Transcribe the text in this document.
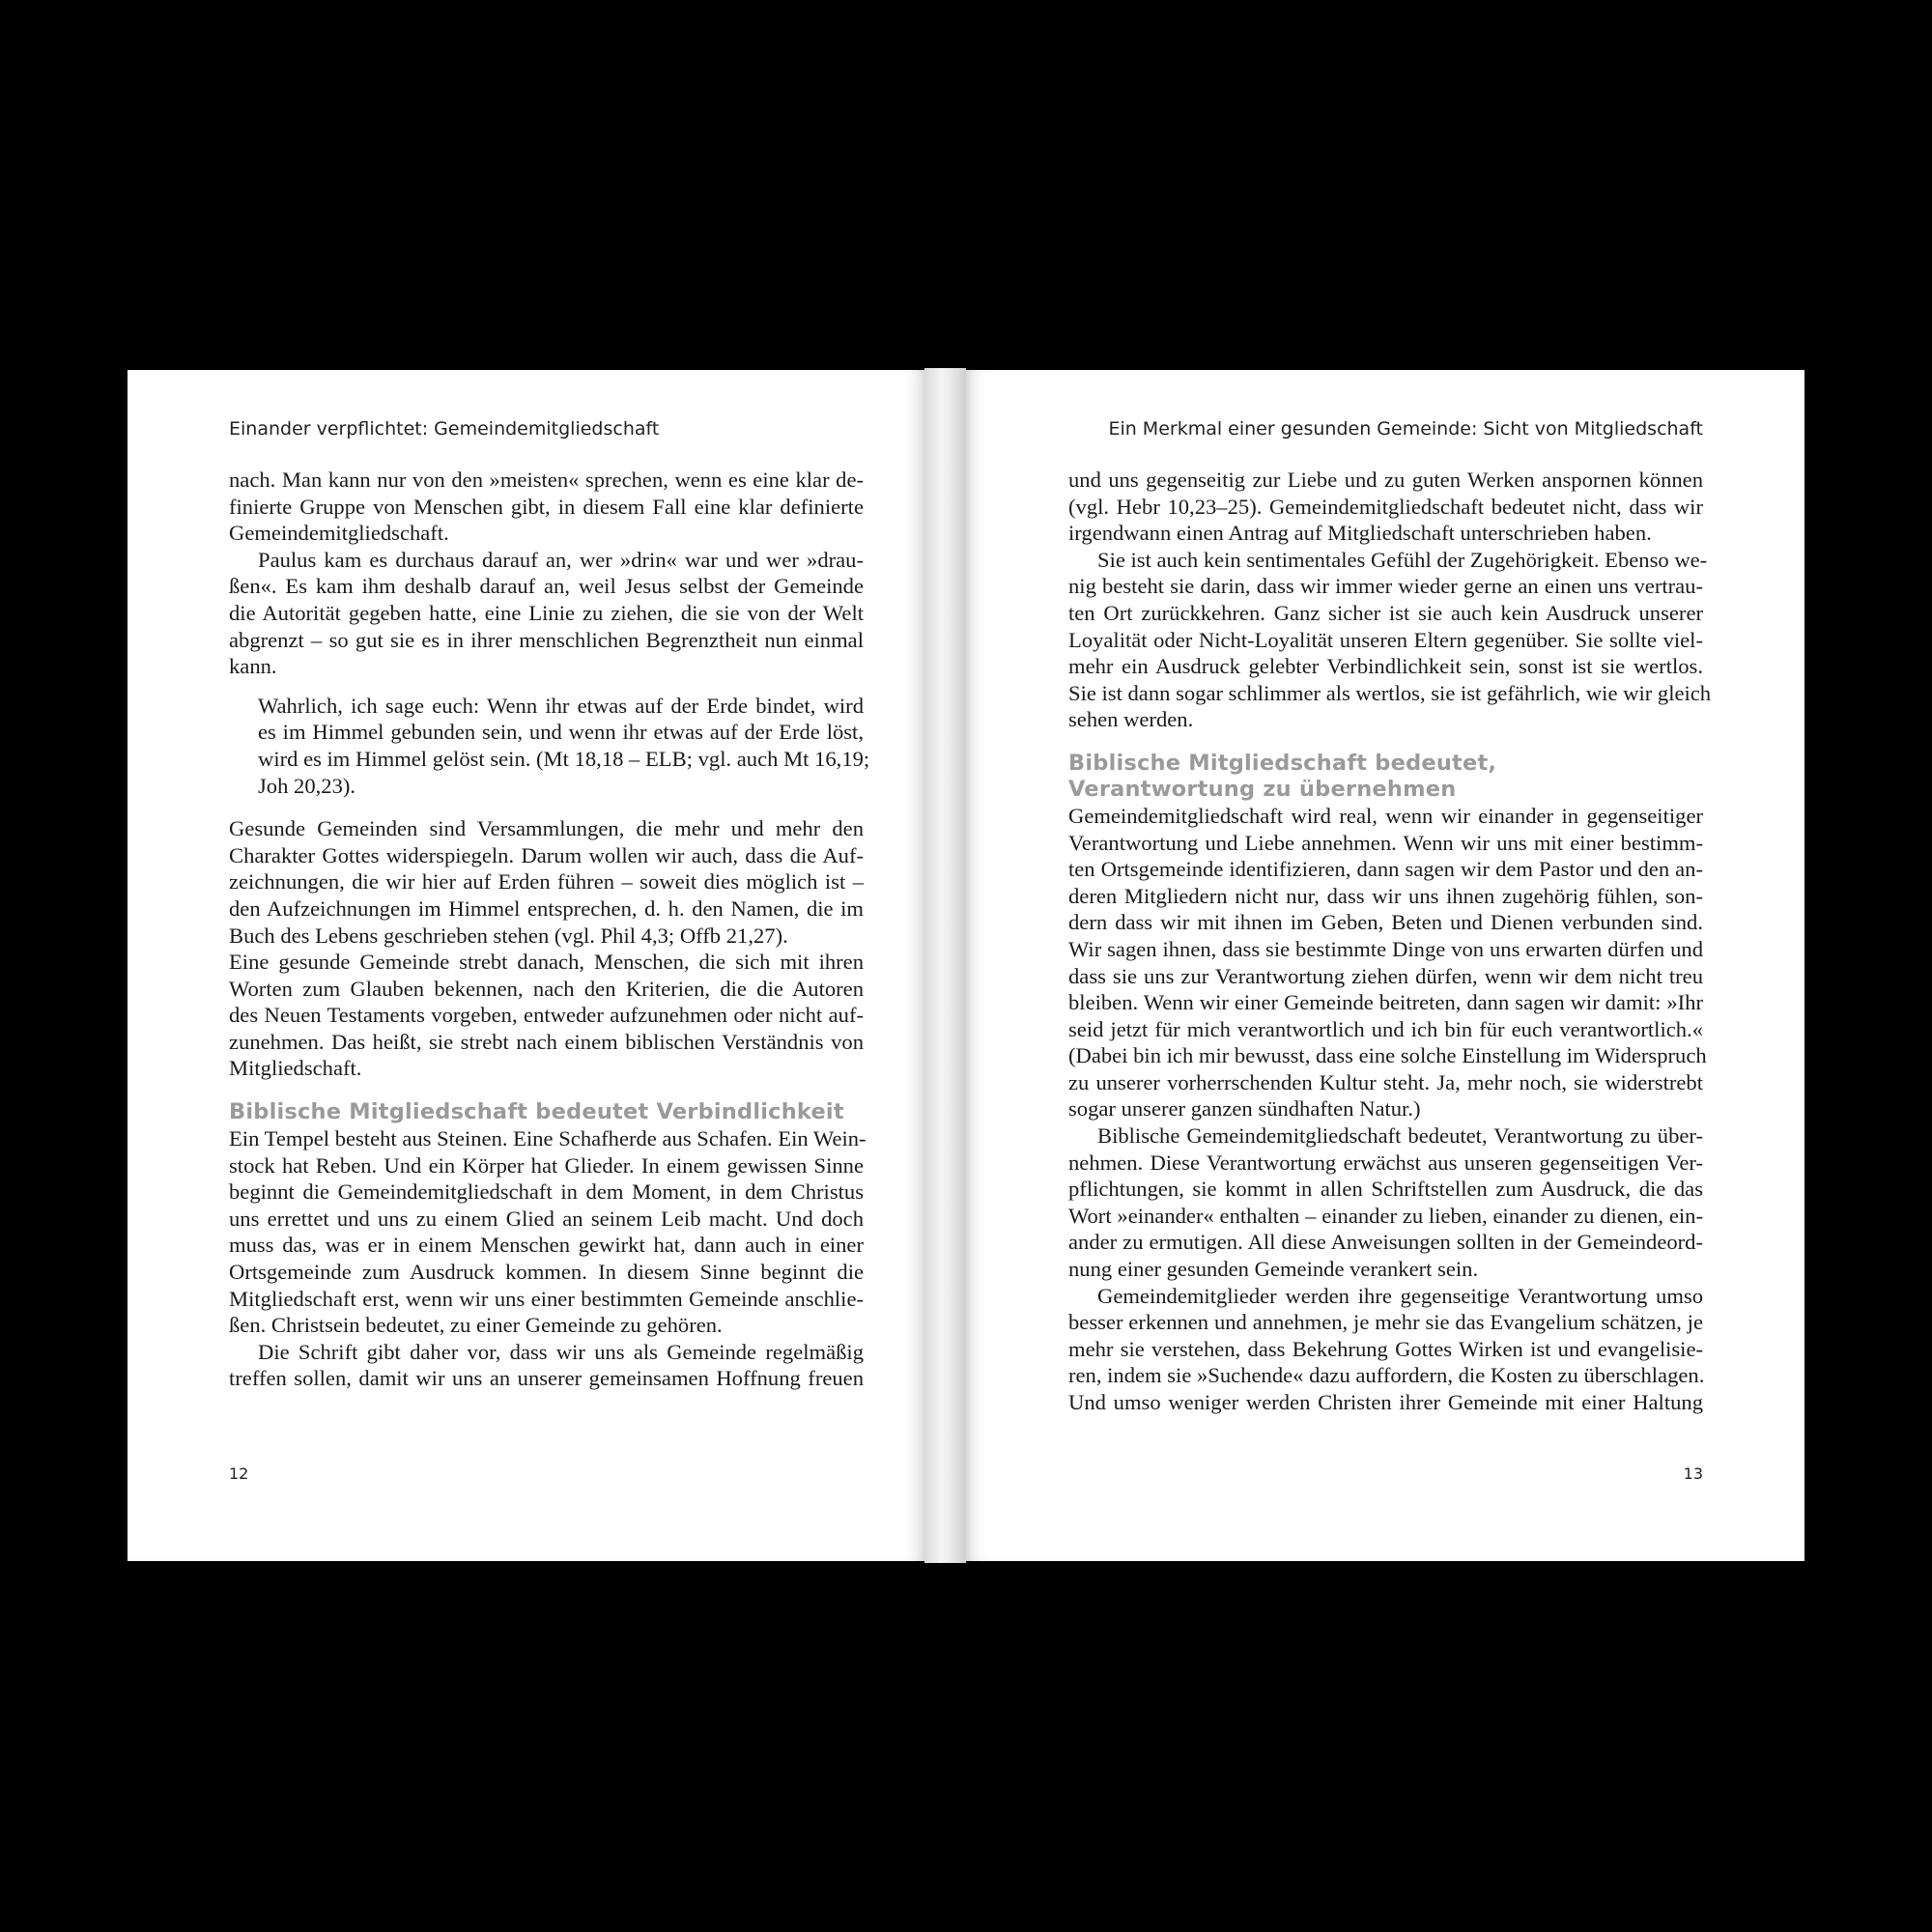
Einander verpflichtet: Gemeindemitgliedschaft
nach. Man kann nur von den »meisten« sprechen, wenn es eine klar de-
finierte Gruppe von Menschen gibt, in diesem Fall eine klar definierte
Gemeindemitgliedschaft.
Paulus kam es durchaus darauf an, wer »drin« war und wer »drau-
ßen«. Es kam ihm deshalb darauf an, weil Jesus selbst der Gemeinde
die Autorität gegeben hatte, eine Linie zu ziehen, die sie von der Welt
abgrenzt – so gut sie es in ihrer menschlichen Begrenztheit nun einmal
kann.
Wahrlich, ich sage euch: Wenn ihr etwas auf der Erde bindet, wird
es im Himmel gebunden sein, und wenn ihr etwas auf der Erde löst,
wird es im Himmel gelöst sein. (Mt 18,18 – ELB; vgl. auch Mt 16,19;
Joh 20,23).
Gesunde Gemeinden sind Versammlungen, die mehr und mehr den
Charakter Gottes widerspiegeln. Darum wollen wir auch, dass die Auf-
zeichnungen, die wir hier auf Erden führen – soweit dies möglich ist –
den Aufzeichnungen im Himmel entsprechen, d. h. den Namen, die im
Buch des Lebens geschrieben stehen (vgl. Phil 4,3; Offb 21,27).
Eine gesunde Gemeinde strebt danach, Menschen, die sich mit ihren
Worten zum Glauben bekennen, nach den Kriterien, die die Autoren
des Neuen Testaments vorgeben, entweder aufzunehmen oder nicht auf-
zunehmen. Das heißt, sie strebt nach einem biblischen Verständnis von
Mitgliedschaft.
Biblische Mitgliedschaft bedeutet Verbindlichkeit
Ein Tempel besteht aus Steinen. Eine Schafherde aus Schafen. Ein Wein-
stock hat Reben. Und ein Körper hat Glieder. In einem gewissen Sinne
beginnt die Gemeindemitgliedschaft in dem Moment, in dem Christus
uns errettet und uns zu einem Glied an seinem Leib macht. Und doch
muss das, was er in einem Menschen gewirkt hat, dann auch in einer
Ortsgemeinde zum Ausdruck kommen. In diesem Sinne beginnt die
Mitgliedschaft erst, wenn wir uns einer bestimmten Gemeinde anschlie-
ßen. Christsein bedeutet, zu einer Gemeinde zu gehören.
Die Schrift gibt daher vor, dass wir uns als Gemeinde regelmäßig
treffen sollen, damit wir uns an unserer gemeinsamen Hoffnung freuen
12
Ein Merkmal einer gesunden Gemeinde: Sicht von Mitgliedschaft
und uns gegenseitig zur Liebe und zu guten Werken anspornen können
(vgl. Hebr 10,23–25). Gemeindemitgliedschaft bedeutet nicht, dass wir
irgendwann einen Antrag auf Mitgliedschaft unterschrieben haben.
Sie ist auch kein sentimentales Gefühl der Zugehörigkeit. Ebenso we-
nig besteht sie darin, dass wir immer wieder gerne an einen uns vertrau-
ten Ort zurückkehren. Ganz sicher ist sie auch kein Ausdruck unserer
Loyalität oder Nicht-Loyalität unseren Eltern gegenüber. Sie sollte viel-
mehr ein Ausdruck gelebter Verbindlichkeit sein, sonst ist sie wertlos.
Sie ist dann sogar schlimmer als wertlos, sie ist gefährlich, wie wir gleich
sehen werden.
Biblische Mitgliedschaft bedeutet,
Verantwortung zu übernehmen
Gemeindemitgliedschaft wird real, wenn wir einander in gegenseitiger
Verantwortung und Liebe annehmen. Wenn wir uns mit einer bestimm-
ten Ortsgemeinde identifizieren, dann sagen wir dem Pastor und den an-
deren Mitgliedern nicht nur, dass wir uns ihnen zugehörig fühlen, son-
dern dass wir mit ihnen im Geben, Beten und Dienen verbunden sind.
Wir sagen ihnen, dass sie bestimmte Dinge von uns erwarten dürfen und
dass sie uns zur Verantwortung ziehen dürfen, wenn wir dem nicht treu
bleiben. Wenn wir einer Gemeinde beitreten, dann sagen wir damit: »Ihr
seid jetzt für mich verantwortlich und ich bin für euch verantwortlich.«
(Dabei bin ich mir bewusst, dass eine solche Einstellung im Widerspruch
zu unserer vorherrschenden Kultur steht. Ja, mehr noch, sie widerstrebt
sogar unserer ganzen sündhaften Natur.)
Biblische Gemeindemitgliedschaft bedeutet, Verantwortung zu über-
nehmen. Diese Verantwortung erwächst aus unseren gegenseitigen Ver-
pflichtungen, sie kommt in allen Schriftstellen zum Ausdruck, die das
Wort »einander« enthalten – einander zu lieben, einander zu dienen, ein-
ander zu ermutigen. All diese Anweisungen sollten in der Gemeindeord-
nung einer gesunden Gemeinde verankert sein.
Gemeindemitglieder werden ihre gegenseitige Verantwortung umso
besser erkennen und annehmen, je mehr sie das Evangelium schätzen, je
mehr sie verstehen, dass Bekehrung Gottes Wirken ist und evangelisie-
ren, indem sie »Suchende« dazu auffordern, die Kosten zu überschlagen.
Und umso weniger werden Christen ihrer Gemeinde mit einer Haltung
13
